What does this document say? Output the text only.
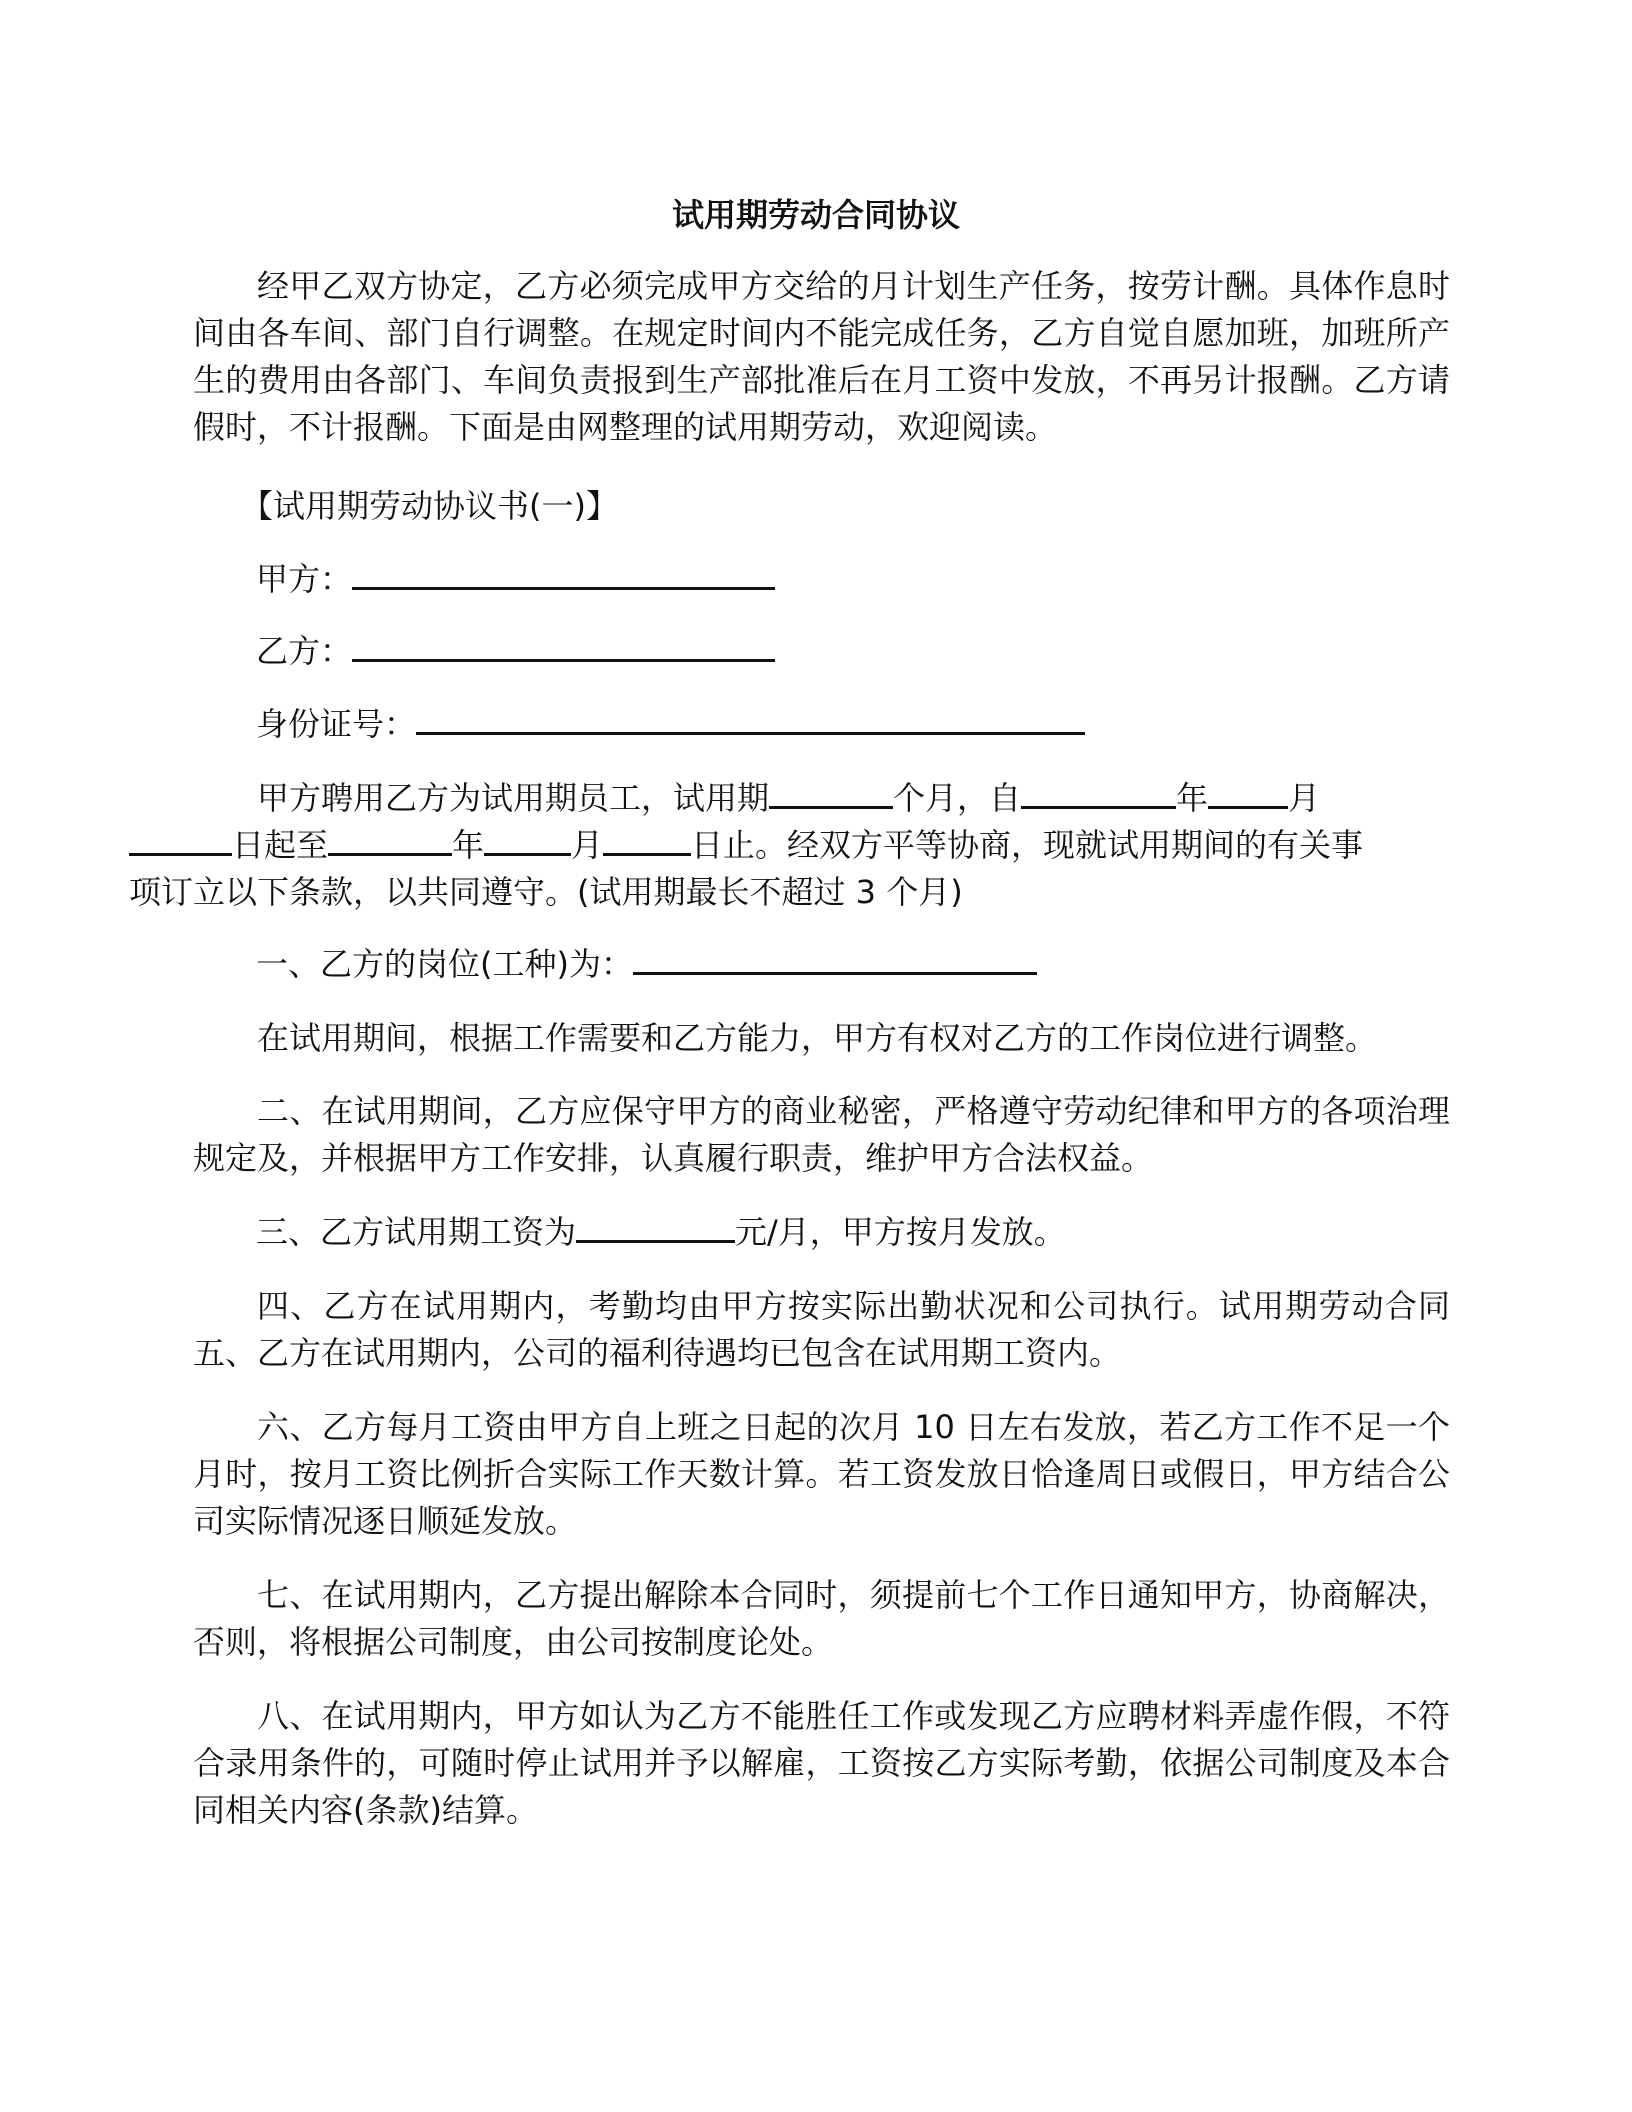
试用期劳动合同协议
经甲乙双方协定，乙方必须完成甲方交给的月计划生产任务，按劳计酬。具体作息时间由各车间、部门自行调整。在规定时间内不能完成任务，乙方自觉自愿加班，加班所产生的费用由各部门、车间负责报到生产部批准后在月工资中发放，不再另计报酬。乙方请假时，不计报酬。下面是由网整理的试用期劳动，欢迎阅读。
【试用期劳动协议书(一)】
甲方：
乙方：
身份证号：
甲方聘用乙方为试用期员工，试用期	个月，自	年	月
日起至	年	月	日止。经双方平等协商，现就试用期间的有关事
项订立以下条款，以共同遵守。(试用期最长不超过 3 个月)
一、乙方的岗位(工种)为：
在试用期间，根据工作需要和乙方能力，甲方有权对乙方的工作岗位进行调整。
二、在试用期间，乙方应保守甲方的商业秘密，严格遵守劳动纪律和甲方的各项治理规定及，并根据甲方工作安排，认真履行职责，维护甲方合法权益。
三、乙方试用期工资为	元/月，甲方按月发放。
四、乙方在试用期内，考勤均由甲方按实际出勤状况和公司执行。试用期劳动合同五、乙方在试用期内，公司的福利待遇均已包含在试用期工资内。
六、乙方每月工资由甲方自上班之日起的次月 10 日左右发放，若乙方工作不足一个月时，按月工资比例折合实际工作天数计算。若工资发放日恰逢周日或假日，甲方结合公司实际情况逐日顺延发放。
七、在试用期内，乙方提出解除本合同时，须提前七个工作日通知甲方，协商解决，否则，将根据公司制度，由公司按制度论处。
八、在试用期内，甲方如认为乙方不能胜任工作或发现乙方应聘材料弄虚作假，不符合录用条件的，可随时停止试用并予以解雇，工资按乙方实际考勤，依据公司制度及本合同相关内容(条款)结算。
